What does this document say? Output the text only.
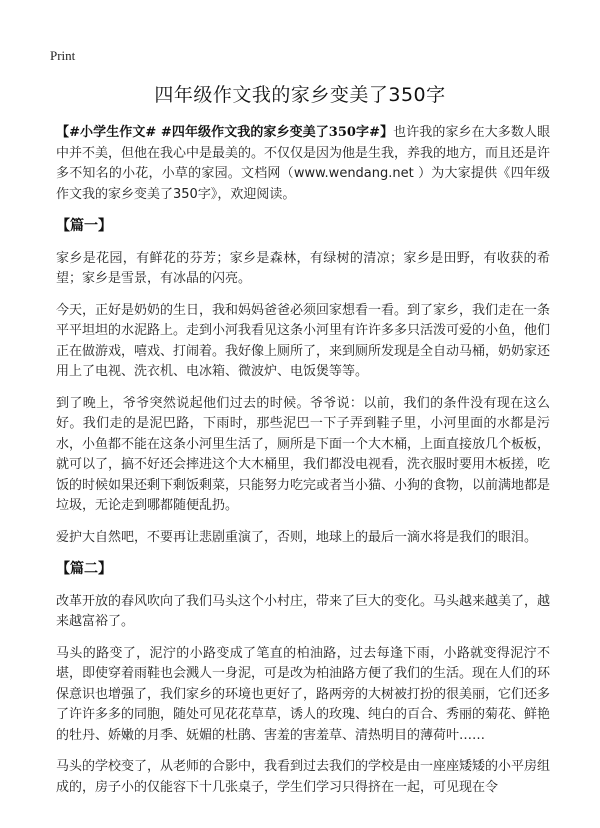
Print
四年级作文我的家乡变美了350字

【#小学生作文# #四年级作文我的家乡变美了350字#】也许我的家乡在大多数人眼中并不美，但他在我心中是最美的。不仅仅是因为他是生我，养我的地方，而且还是许多不知名的小花，小草的家园。文档网（www.wendang.net ）为大家提供《四年级作文我的家乡变美了350字》，欢迎阅读。

【篇一】

家乡是花园，有鲜花的芬芳；家乡是森林，有绿树的清凉；家乡是田野，有收获的希望；家乡是雪景，有冰晶的闪亮。

今天，正好是奶奶的生日，我和妈妈爸爸必须回家想看一看。到了家乡，我们走在一条平平坦坦的水泥路上。走到小河我看见这条小河里有许许多多只活泼可爱的小鱼，他们正在做游戏，嘻戏、打闹着。我好像上厕所了，来到厕所发现是全自动马桶，奶奶家还用上了电视、洗衣机、电冰箱、微波炉、电饭煲等等。

到了晚上，爷爷突然说起他们过去的时候。爷爷说：以前，我们的条件没有现在这么好。我们走的是泥巴路，下雨时，那些泥巴一下子弄到鞋子里，小河里面的水都是污水，小鱼都不能在这条小河里生活了，厕所是下面一个大木桶，上面直接放几个板板，就可以了，搞不好还会摔进这个大木桶里，我们都没电视看，洗衣服时要用木板搓，吃饭的时候如果还剩下剩饭剩菜，只能努力吃完或者当小猫、小狗的食物，以前满地都是垃圾，无论走到哪都随便乱扔。

爱护大自然吧，不要再让悲剧重演了，否则，地球上的最后一滴水将是我们的眼泪。

【篇二】

改革开放的春风吹向了我们马头这个小村庄，带来了巨大的变化。马头越来越美了，越来越富裕了。

马头的路变了，泥泞的小路变成了笔直的柏油路，过去每逢下雨，小路就变得泥泞不堪，即使穿着雨鞋也会溅人一身泥，可是改为柏油路方便了我们的生活。现在人们的环保意识也增强了，我们家乡的环境也更好了，路两旁的大树被打扮的很美丽，它们还多了许许多多的同胞，随处可见花花草草，诱人的玫瑰、纯白的百合、秀丽的菊花、鲜艳的牡丹、娇嫩的月季、妩媚的杜鹃、害羞的害羞草、清热明目的薄荷叶……

马头的学校变了，从老师的合影中，我看到过去我们的学校是由一座座矮矮的小平房组成的，房子小的仅能容下十几张桌子，学生们学习只得挤在一起，可见现在令
